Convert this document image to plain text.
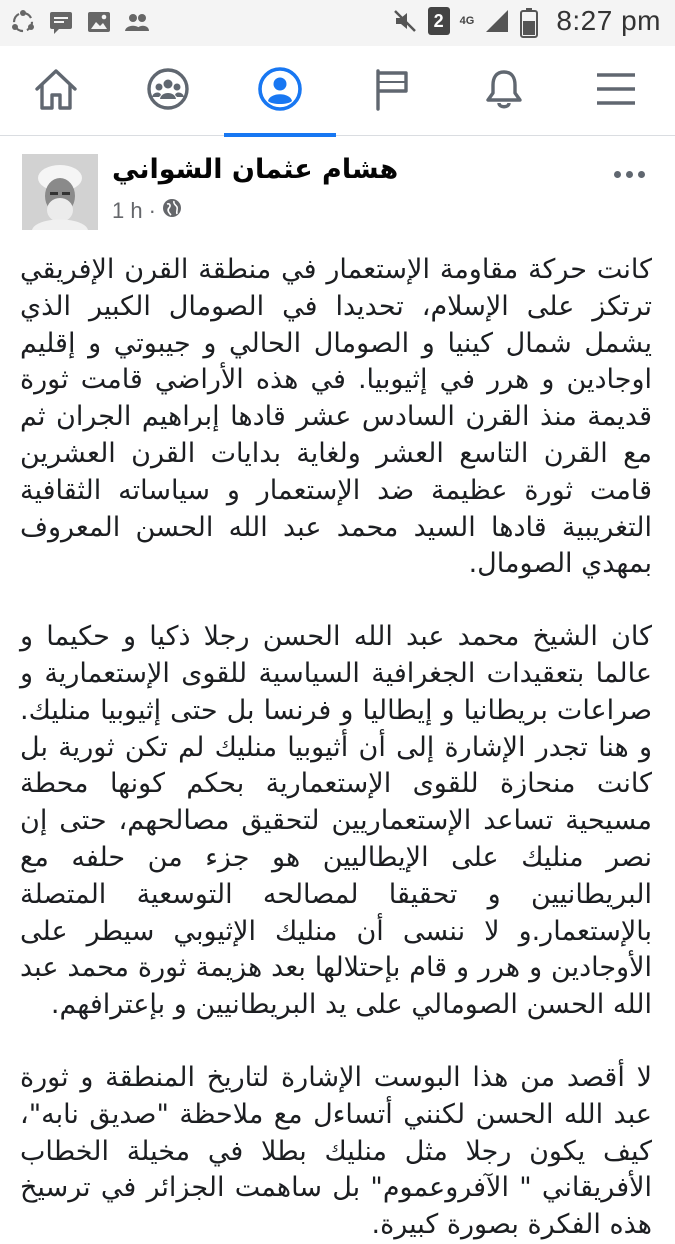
2	4G	8:27 pm
هشام عثمان الشواني
1 h ·

كانت حركة مقاومة الإستعمار في منطقة القرن الإفريقي ترتكز على الإسلام، تحديدا في الصومال الكبير الذي يشمل شمال كينيا و الصومال الحالي و جيبوتي و إقليم اوجادين و هرر في إثيوبيا. في هذه الأراضي قامت ثورة قديمة منذ القرن السادس عشر قادها إبراهيم الجران ثم مع القرن التاسع العشر ولغاية بدايات القرن العشرين قامت ثورة عظيمة ضد الإستعمار و سياساته الثقافية التغريبية قادها السيد محمد عبد الله الحسن المعروف بمهدي الصومال.

كان الشيخ محمد عبد الله الحسن رجلا ذكيا و حكيما و عالما بتعقيدات الجغرافية السياسية للقوى الإستعمارية و صراعات بريطانيا و إيطاليا و فرنسا بل حتى إثيوبيا منليك. و هنا تجدر الإشارة إلى أن أثيوبيا منليك لم تكن ثورية بل كانت منحازة للقوى الإستعمارية بحكم كونها محطة مسيحية تساعد الإستعماريين لتحقيق مصالحهم، حتى إن نصر منليك على الإيطاليين هو جزء من حلفه مع البريطانيين و تحقيقا لمصالحه التوسعية المتصلة بالإستعمار.و لا ننسى أن منليك الإثيوبي سيطر على الأوجادين و هرر و قام بإحتلالها بعد هزيمة ثورة محمد عبد الله الحسن الصومالي على يد البريطانيين و بإعترافهم.

لا أقصد من هذا البوست الإشارة لتاريخ المنطقة و ثورة عبد الله الحسن لكنني أتساءل مع ملاحظة "صديق نابه"، كيف يكون رجلا مثل منليك بطلا في مخيلة الخطاب الأفريقاني " الآفروعموم" بل ساهمت الجزائر في ترسيخ هذه الفكرة بصورة كبيرة.
